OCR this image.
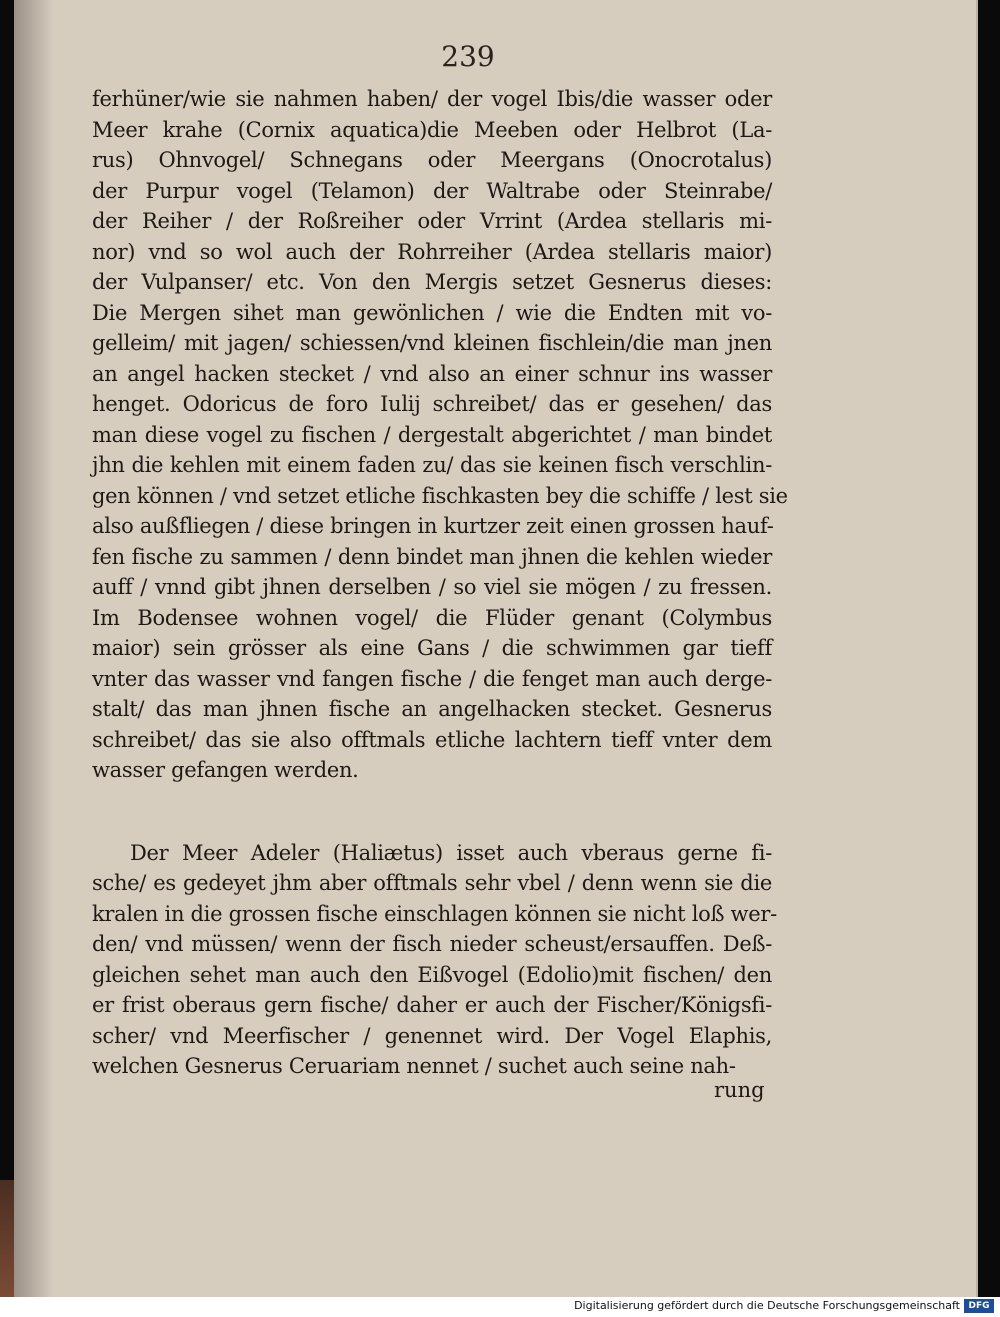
239
ferhüner/wie sie nahmen haben/ der vogel Ibis/die wasser oder
Meer krahe (Cornix aquatica)die Meeben oder Helbrot (La-
rus) Ohnvogel/ Schnegans oder Meergans (Onocrotalus)
der Purpur vogel (Telamon) der Waltrabe oder Steinrabe/
der Reiher / der Roßreiher oder Vrrint (Ardea stellaris mi-
nor) vnd so wol auch der Rohrreiher (Ardea stellaris maior)
der Vulpanser/ etc. Von den Mergis setzet Gesnerus dieses:
Die Mergen sihet man gewönlichen / wie die Endten mit vo-
gelleim/ mit jagen/ schiessen/vnd kleinen fischlein/die man jnen
an angel hacken stecket / vnd also an einer schnur ins wasser
henget. Odoricus de foro Iulij schreibet/ das er gesehen/ das
man diese vogel zu fischen / dergestalt abgerichtet / man bindet
jhn die kehlen mit einem faden zu/ das sie keinen fisch verschlin-
gen können / vnd setzet etliche fischkasten bey die schiffe / lest sie
also außfliegen / diese bringen in kurtzer zeit einen grossen hauf-
fen fische zu sammen / denn bindet man jhnen die kehlen wieder
auff / vnnd gibt jhnen derselben / so viel sie mögen / zu fressen.
Im Bodensee wohnen vogel/ die Flüder genant (Colymbus
maior) sein grösser als eine Gans / die schwimmen gar tieff
vnter das wasser vnd fangen fische / die fenget man auch derge-
stalt/ das man jhnen fische an angelhacken stecket. Gesnerus
schreibet/ das sie also offtmals etliche lachtern tieff vnter dem
wasser gefangen werden.
Der Meer Adeler (Haliætus) isset auch vberaus gerne fi-
sche/ es gedeyet jhm aber offtmals sehr vbel / denn wenn sie die
kralen in die grossen fische einschlagen können sie nicht loß wer-
den/ vnd müssen/ wenn der fisch nieder scheust/ersauffen. Deß-
gleichen sehet man auch den Eißvogel (Edolio)mit fischen/ den
er frist oberaus gern fische/ daher er auch der Fischer/Königsfi-
scher/ vnd Meerfischer / genennet wird. Der Vogel Elaphis,
welchen Gesnerus Ceruariam nennet / suchet auch seine nah-
rung
Digitalisierung gefördert durch die Deutsche Forschungsgemeinschaft DFG
